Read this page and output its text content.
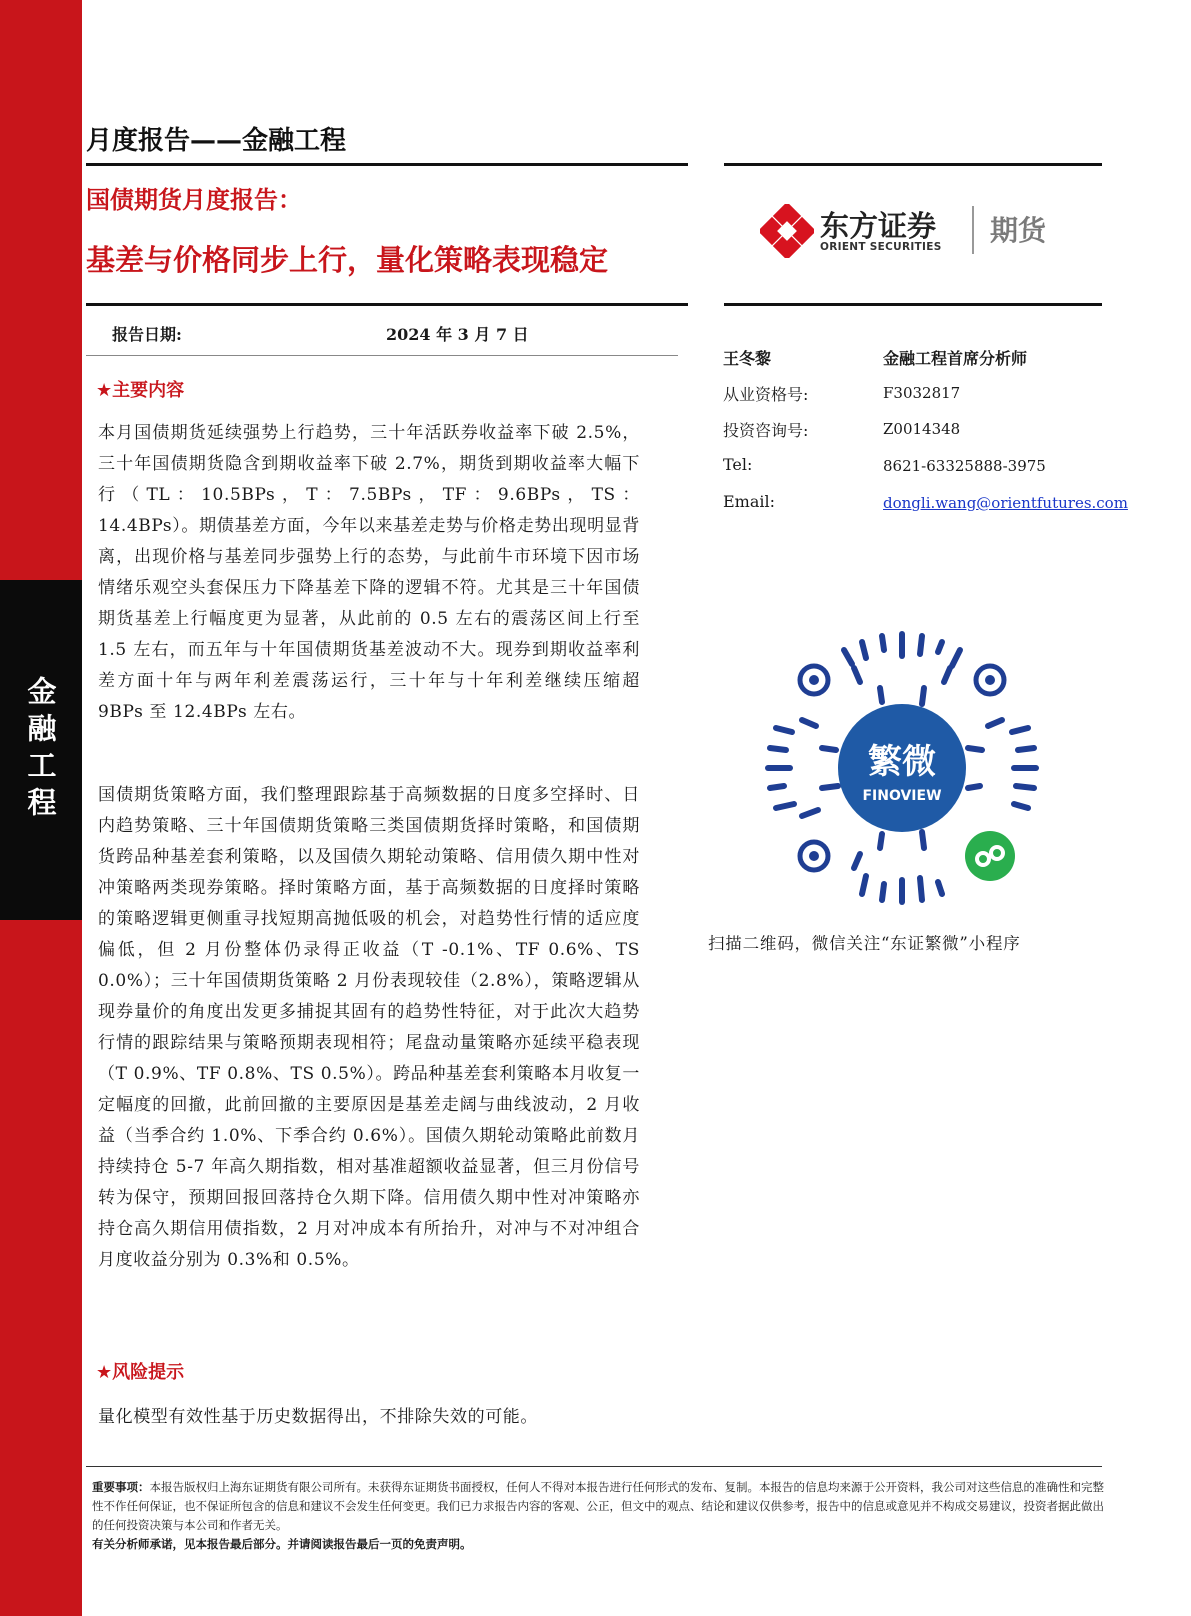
金融工程
月度报告——金融工程
国债期货月度报告：
基差与价格同步上行，量化策略表现稳定
报告日期:	2024 年 3 月 7 日
东方证券
ORIENT SECURITIES 期货
王冬黎	金融工程首席分析师
从业资格号:	F3032817
投资咨询号:	Z0014348
Tel:	8621-63325888-3975
Email:	dongli.wang@orientfutures.com
繁微
FINOVIEW
扫描二维码，微信关注“东证繁微”小程序
★主要内容
本月国债期货延续强势上行趋势，三十年活跃券收益率下破 2.5%，三十年国债期货隐含到期收益率下破 2.7%，期货到期收益率大幅下行（TL：10.5BPs，T：7.5BPs，TF：9.6BPs，TS：14.4BPs）。期债基差方面，今年以来基差走势与价格走势出现明显背离，出现价格与基差同步强势上行的态势，与此前牛市环境下因市场情绪乐观空头套保压力下降基差下降的逻辑不符。尤其是三十年国债期货基差上行幅度更为显著，从此前的 0.5 左右的震荡区间上行至 1.5 左右，而五年与十年国债期货基差波动不大。现券到期收益率利差方面十年与两年利差震荡运行，三十年与十年利差继续压缩超 9BPs 至 12.4BPs 左右。
国债期货策略方面，我们整理跟踪基于高频数据的日度多空择时、日内趋势策略、三十年国债期货策略三类国债期货择时策略，和国债期货跨品种基差套利策略，以及国债久期轮动策略、信用债久期中性对冲策略两类现券策略。择时策略方面，基于高频数据的日度择时策略的策略逻辑更侧重寻找短期高抛低吸的机会，对趋势性行情的适应度偏低，但 2 月份整体仍录得正收益（T -0.1%、TF 0.6%、TS 0.0%）；三十年国债期货策略 2 月份表现较佳（2.8%），策略逻辑从现券量价的角度出发更多捕捉其固有的趋势性特征，对于此次大趋势行情的跟踪结果与策略预期表现相符；尾盘动量策略亦延续平稳表现（T 0.9%、TF 0.8%、TS 0.5%）。跨品种基差套利策略本月收复一定幅度的回撤，此前回撤的主要原因是基差走阔与曲线波动，2 月收益（当季合约 1.0%、下季合约 0.6%）。国债久期轮动策略此前数月持续持仓 5-7 年高久期指数，相对基准超额收益显著，但三月份信号转为保守，预期回报回落持仓久期下降。信用债久期中性对冲策略亦持仓高久期信用债指数，2 月对冲成本有所抬升，对冲与不对冲组合月度收益分别为 0.3%和 0.5%。
★风险提示
量化模型有效性基于历史数据得出，不排除失效的可能。
重要事项：本报告版权归上海东证期货有限公司所有。未获得东证期货书面授权，任何人不得对本报告进行任何形式的发布、复制。本报告的信息均来源于公开资料，我公司对这些信息的准确性和完整性不作任何保证，也不保证所包含的信息和建议不会发生任何变更。我们已力求报告内容的客观、公正，但文中的观点、结论和建议仅供参考，报告中的信息或意见并不构成交易建议，投资者据此做出的任何投资决策与本公司和作者无关。
有关分析师承诺，见本报告最后部分。并请阅读报告最后一页的免责声明。
